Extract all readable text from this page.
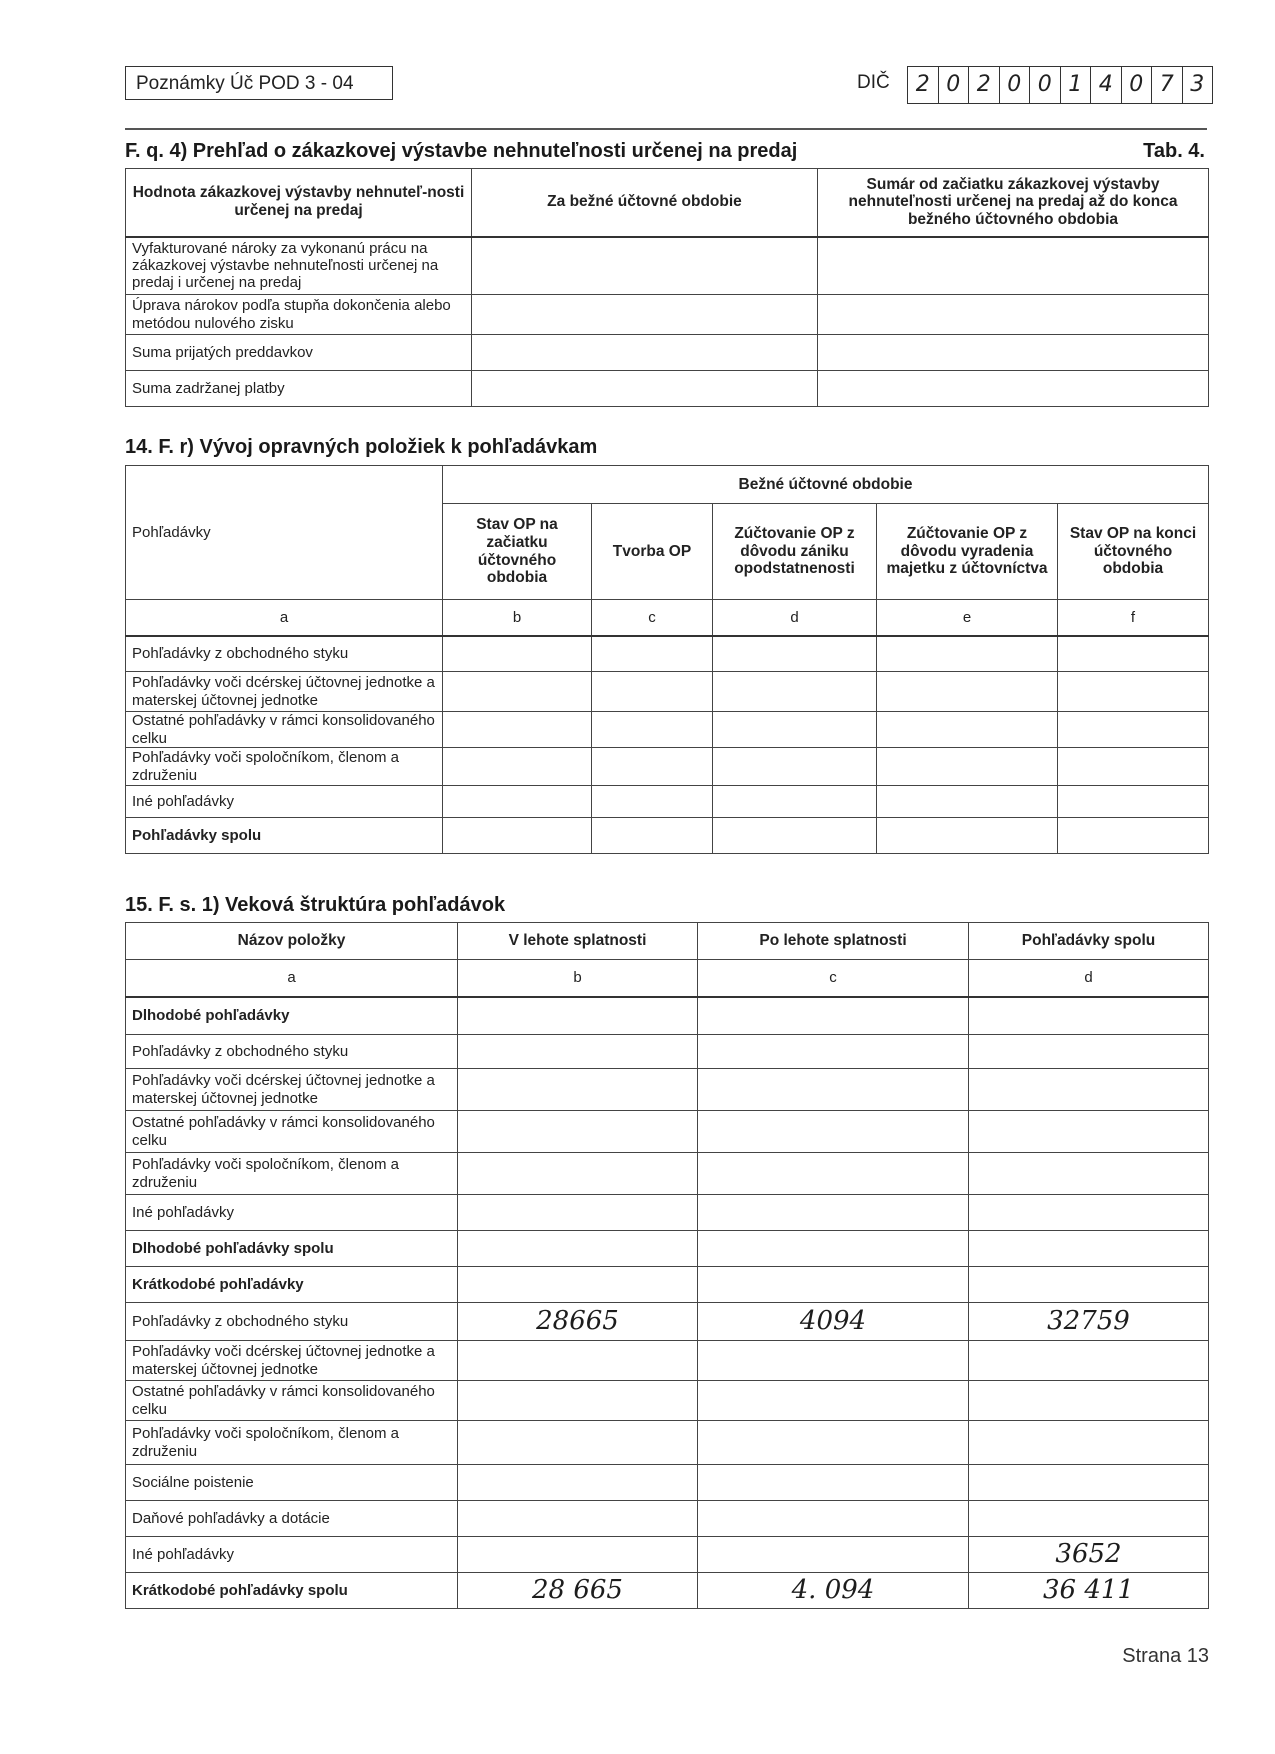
Poznámky Úč POD 3 - 04	DIČ	2 0 2 0 0 1 4 0 7 3
F. q. 4) Prehľad o zákazkovej výstavbe nehnuteľnosti určenej na predaj	Tab. 4.
Hodnota zákazkovej výstavby nehnuteľ-nosti určenej na predaj	Za bežné účtovné obdobie	Sumár od začiatku zákazkovej výstavby nehnuteľnosti určenej na predaj až do konca bežného účtovného obdobia
Vyfakturované nároky za vykonanú prácu na zákazkovej výstavbe nehnuteľnosti určenej na predaj i určenej na predaj		
Úprava nárokov podľa stupňa dokončenia alebo metódou nulového zisku		
Suma prijatých preddavkov		
Suma zadržanej platby		
14. F. r) Vývoj opravných položiek k pohľadávkam
Pohľadávky	Bežné účtovné obdobie				
	Stav OP na začiatku účtovného obdobia	Tvorba OP	Zúčtovanie OP z dôvodu zániku opodstatnenosti	Zúčtovanie OP z dôvodu vyradenia majetku z účtovníctva	Stav OP na konci účtovného obdobia
a	b	c	d	e	f
Pohľadávky z obchodného styku					
Pohľadávky voči dcérskej účtovnej jednotke a materskej účtovnej jednotke					
Ostatné pohľadávky v rámci konsolidovaného celku					
Pohľadávky voči spoločníkom, členom a združeniu					
Iné pohľadávky					
Pohľadávky spolu					
15. F. s. 1) Veková štruktúra pohľadávok
Názov položky	V lehote splatnosti	Po lehote splatnosti	Pohľadávky spolu
a	b	c	d
Dlhodobé pohľadávky			
Pohľadávky z obchodného styku			
Pohľadávky voči dcérskej účtovnej jednotke a materskej účtovnej jednotke			
Ostatné pohľadávky v rámci konsolidovaného celku			
Pohľadávky voči spoločníkom, členom a združeniu			
Iné pohľadávky			
Dlhodobé pohľadávky spolu			
Krátkodobé pohľadávky			
Pohľadávky z obchodného styku	28665	4094	32759
Pohľadávky voči dcérskej účtovnej jednotke a materskej účtovnej jednotke			
Ostatné pohľadávky v rámci konsolidovaného celku			
Pohľadávky voči spoločníkom, členom a združeniu			
Sociálne poistenie			
Daňové pohľadávky a dotácie			
Iné pohľadávky			3652
Krátkodobé pohľadávky spolu	28 665	4. 094	36 411
Strana 13
